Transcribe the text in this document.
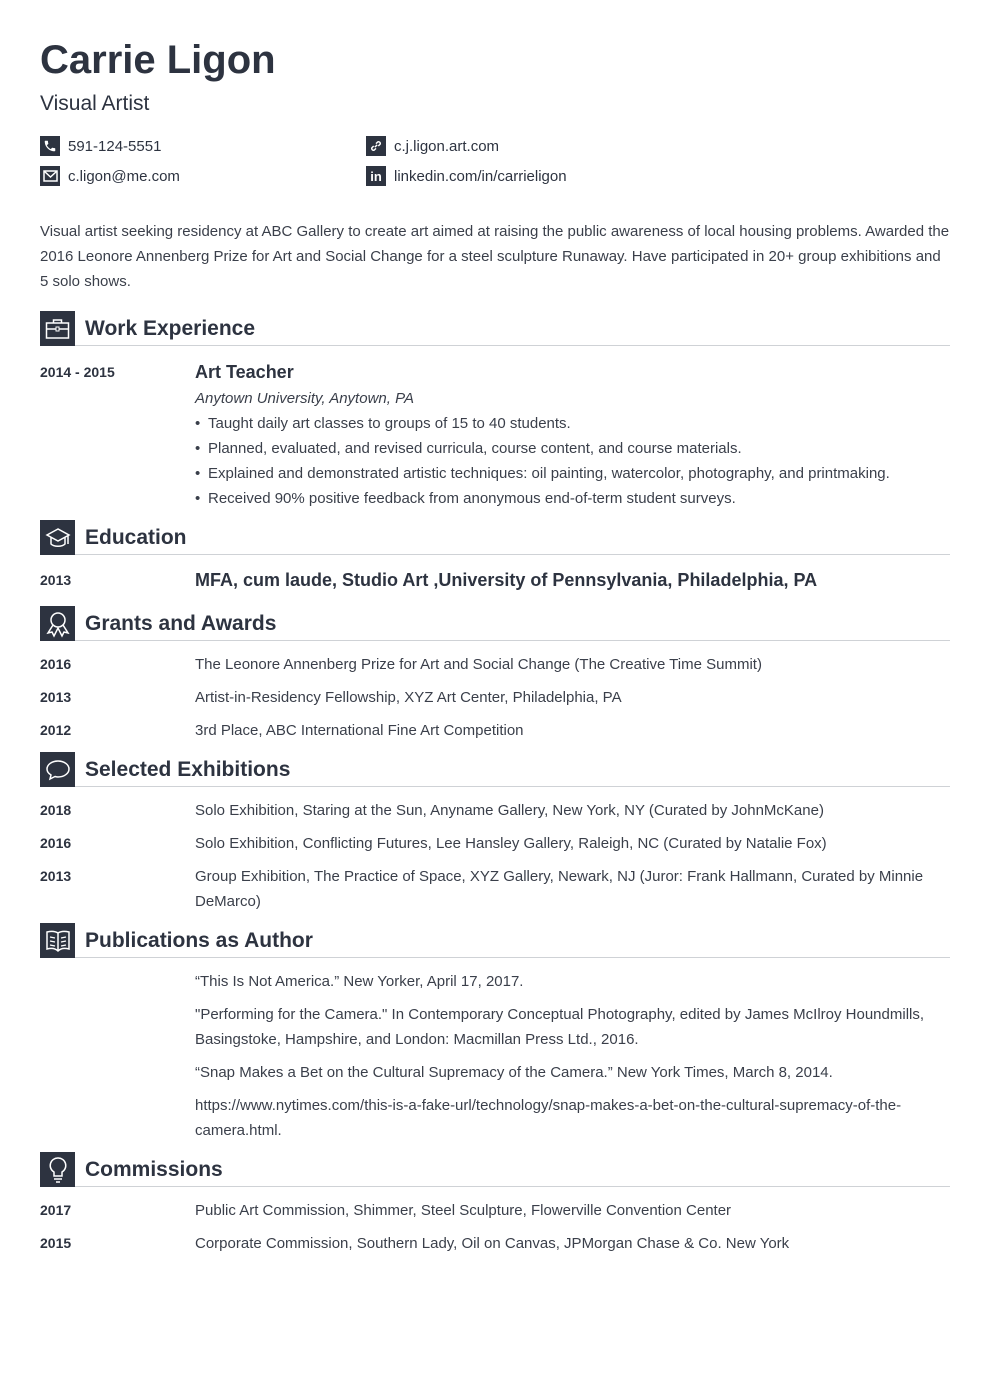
Carrie Ligon
Visual Artist
591-124-5551	c.j.ligon.art.com
c.ligon@me.com	in linkedin.com/in/carrieligon
Visual artist seeking residency at ABC Gallery to create art aimed at raising the public awareness of local housing problems. Awarded the 2016 Leonore Annenberg Prize for Art and Social Change for a steel sculpture Runaway. Have participated in 20+ group exhibitions and 5 solo shows.
Work Experience
2014 - 2015	Art Teacher
Anytown University, Anytown, PA
• Taught daily art classes to groups of 15 to 40 students.
• Planned, evaluated, and revised curricula, course content, and course materials.
• Explained and demonstrated artistic techniques: oil painting, watercolor, photography, and printmaking.
• Received 90% positive feedback from anonymous end-of-term student surveys.
Education
2013	MFA, cum laude, Studio Art ,University of Pennsylvania, Philadelphia, PA
Grants and Awards
2016	The Leonore Annenberg Prize for Art and Social Change (The Creative Time Summit)
2013	Artist-in-Residency Fellowship, XYZ Art Center, Philadelphia, PA
2012	3rd Place, ABC International Fine Art Competition
Selected Exhibitions
2018	Solo Exhibition, Staring at the Sun, Anyname Gallery, New York, NY (Curated by JohnMcKane)
2016	Solo Exhibition, Conflicting Futures, Lee Hansley Gallery, Raleigh, NC (Curated by Natalie Fox)
2013	Group Exhibition, The Practice of Space, XYZ Gallery, Newark, NJ (Juror: Frank Hallmann, Curated by Minnie DeMarco)
Publications as Author
“This Is Not America.” New Yorker, April 17, 2017.
"Performing for the Camera." In Contemporary Conceptual Photography, edited by James McIlroy Houndmills, Basingstoke, Hampshire, and London: Macmillan Press Ltd., 2016.
“Snap Makes a Bet on the Cultural Supremacy of the Camera.” New York Times, March 8, 2014.
https://www.nytimes.com/this-is-a-fake-url/technology/snap-makes-a-bet-on-the-cultural-supremacy-of-the-camera.html.
Commissions
2017	Public Art Commission, Shimmer, Steel Sculpture, Flowerville Convention Center
2015	Corporate Commission, Southern Lady, Oil on Canvas, JPMorgan Chase & Co. New York
